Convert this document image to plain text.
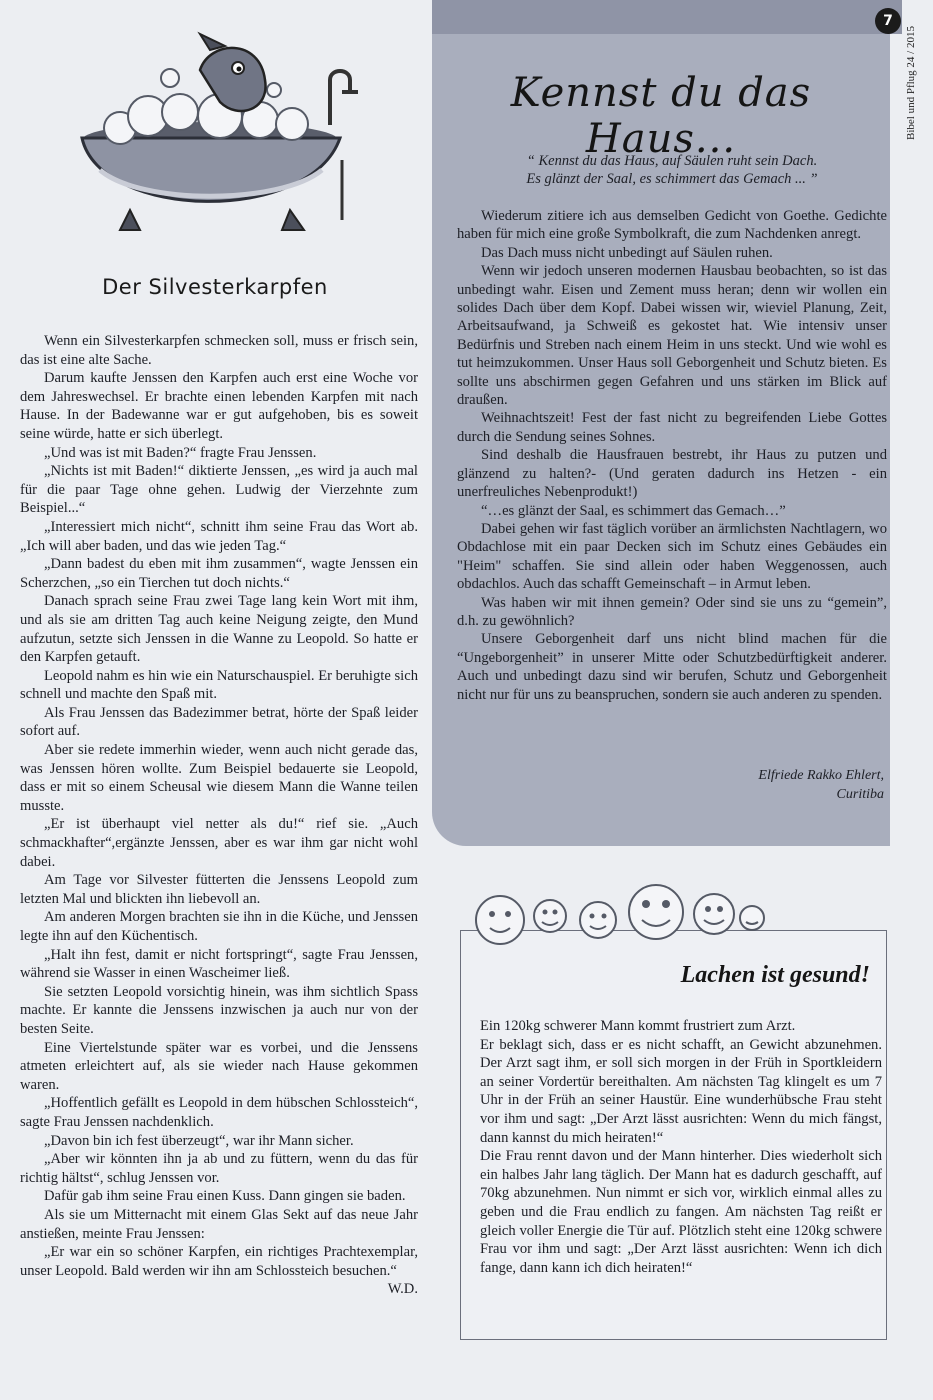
Der Silvesterkarpfen

Wenn ein Silvesterkarpfen schmecken soll, muss er frisch sein, das ist eine alte Sache.

Darum kaufte Jenssen den Karpfen auch erst eine Woche vor dem Jahreswechsel. Er brachte einen lebenden Karpfen mit nach Hause. In der Badewanne war er gut aufgehoben, bis es soweit seine würde, hatte er sich überlegt.

„Und was ist mit Baden?“ fragte Frau Jenssen.

„Nichts ist mit Baden!“ diktierte Jenssen, „es wird ja auch mal für die paar Tage ohne gehen. Ludwig der Vierzehnte zum Beispiel...“

„Interessiert mich nicht“, schnitt ihm seine Frau das Wort ab. „Ich will aber baden, und das wie jeden Tag.“

„Dann badest du eben mit ihm zusammen“, wagte Jenssen ein Scherzchen, „so ein Tierchen tut doch nichts.“

Danach sprach seine Frau zwei Tage lang kein Wort mit ihm, und als sie am dritten Tag auch keine Neigung zeigte, den Mund aufzutun, setzte sich Jenssen in die Wanne zu Leopold. So hatte er den Karpfen getauft.

Leopold nahm es hin wie ein Naturschauspiel. Er beruhigte sich schnell und machte den Spaß mit.

Als Frau Jenssen das Badezimmer betrat, hörte der Spaß leider sofort auf.

Aber sie redete immerhin wieder, wenn auch nicht gerade das, was Jenssen hören wollte. Zum Beispiel bedauerte sie Leopold, dass er mit so einem Scheusal wie diesem Mann die Wanne teilen musste.

„Er ist überhaupt viel netter als du!“ rief sie. „Auch schmackhafter“,ergänzte Jenssen, aber es war ihm gar nicht wohl dabei.

Am Tage vor Silvester fütterten die Jenssens Leopold zum letzten Mal und blickten ihn liebevoll an.

Am anderen Morgen brachten sie ihn in die Küche, und Jenssen legte ihn auf den Küchentisch.

„Halt ihn fest, damit er nicht fortspringt“, sagte Frau Jenssen, während sie Wasser in einen Wascheimer ließ.

Sie setzten Leopold vorsichtig hinein, was ihm sichtlich Spass machte. Er kannte die Jenssens inzwischen ja auch nur von der besten Seite.

Eine Viertelstunde später war es vorbei, und die Jenssens atmeten erleichtert auf, als sie wieder nach Hause gekommen waren.

„Hoffentlich gefällt es Leopold in dem hübschen Schlossteich“, sagte Frau Jenssen nachdenklich.

„Davon bin ich fest überzeugt“, war ihr Mann sicher.

„Aber wir könnten ihn ja ab und zu füttern, wenn du das für richtig hältst“, schlug Jenssen vor.

Dafür gab ihm seine Frau einen Kuss. Dann gingen sie baden.

Als sie um Mitternacht mit einem Glas Sekt auf das neue Jahr anstießen, meinte Frau Jenssen:

„Er war ein so schöner Karpfen, ein richtiges Prachtexemplar, unser Leopold. Bald werden wir ihn am Schlossteich besuchen.“

W.D.

7
Bibel und Pflug 24 / 2015
Kennst du das Haus...
“ Kennst du das Haus, auf Säulen ruht sein Dach.
Es glänzt der Saal, es schimmert das Gemach ... ”

Wiederum zitiere ich aus demselben Gedicht von Goethe. Gedichte haben für mich eine große Symbolkraft, die zum Nachdenken anregt.

Das Dach muss nicht unbedingt auf Säulen ruhen.

Wenn wir jedoch unseren modernen Hausbau beobachten, so ist das unbedingt wahr. Eisen und Zement muss heran; denn wir wollen ein solides Dach über dem Kopf. Dabei wissen wir, wieviel Planung, Zeit, Arbeitsaufwand, ja Schweiß es gekostet hat. Wie intensiv unser Bedürfnis und Streben nach einem Heim in uns steckt. Und wie wohl es tut heimzukommen. Unser Haus soll Geborgenheit und Schutz bieten. Es sollte uns abschirmen gegen Gefahren und uns stärken im Blick auf draußen.

Weihnachtszeit! Fest der fast nicht zu begreifenden Liebe Gottes durch die Sendung seines Sohnes.

Sind deshalb die Hausfrauen bestrebt, ihr Haus zu putzen und glänzend zu halten?- (Und geraten dadurch ins Hetzen - ein unerfreuliches Nebenprodukt!)

“…es glänzt der Saal, es schimmert das Gemach…”

Dabei gehen wir fast täglich vorüber an ärmlichsten Nachtlagern, wo Obdachlose mit ein paar Decken sich im Schutz eines Gebäudes ein "Heim" schaffen. Sie sind allein oder haben Weggenossen, auch obdachlos. Auch das schafft Gemeinschaft – in Armut leben.

Was haben wir mit ihnen gemein? Oder sind sie uns zu “gemein”, d.h. zu gewöhnlich?

Unsere Geborgenheit darf uns nicht blind machen für die “Ungeborgenheit” in unserer Mitte oder Schutzbedürftigkeit anderer. Auch und unbedingt dazu sind wir berufen, Schutz und Geborgenheit nicht nur für uns zu beanspruchen, sondern sie auch anderen zu spenden.

Elfriede Rakko Ehlert,
Curitiba
Lachen ist gesund!

Ein 120kg schwerer Mann kommt frustriert zum Arzt.

Er beklagt sich, dass er es nicht schafft, an Gewicht abzunehmen. Der Arzt sagt ihm, er soll sich morgen in der Früh in Sportkleidern an seiner Vordertür bereithalten. Am nächsten Tag klingelt es um 7 Uhr in der Früh an seiner Haustür. Eine wunderhübsche Frau steht vor ihm und sagt: „Der Arzt lässt ausrichten: Wenn du mich fängst, dann kannst du mich heiraten!“

Die Frau rennt davon und der Mann hinterher. Dies wiederholt sich ein halbes Jahr lang täglich. Der Mann hat es dadurch geschafft, auf 70kg abzunehmen. Nun nimmt er sich vor, wirklich einmal alles zu geben und die Frau endlich zu fangen. Am nächsten Tag reißt er gleich voller Energie die Tür auf. Plötzlich steht eine 120kg schwere Frau vor ihm und sagt: „Der Arzt lässt ausrichten: Wenn ich dich fange, dann kann ich dich heiraten!“
